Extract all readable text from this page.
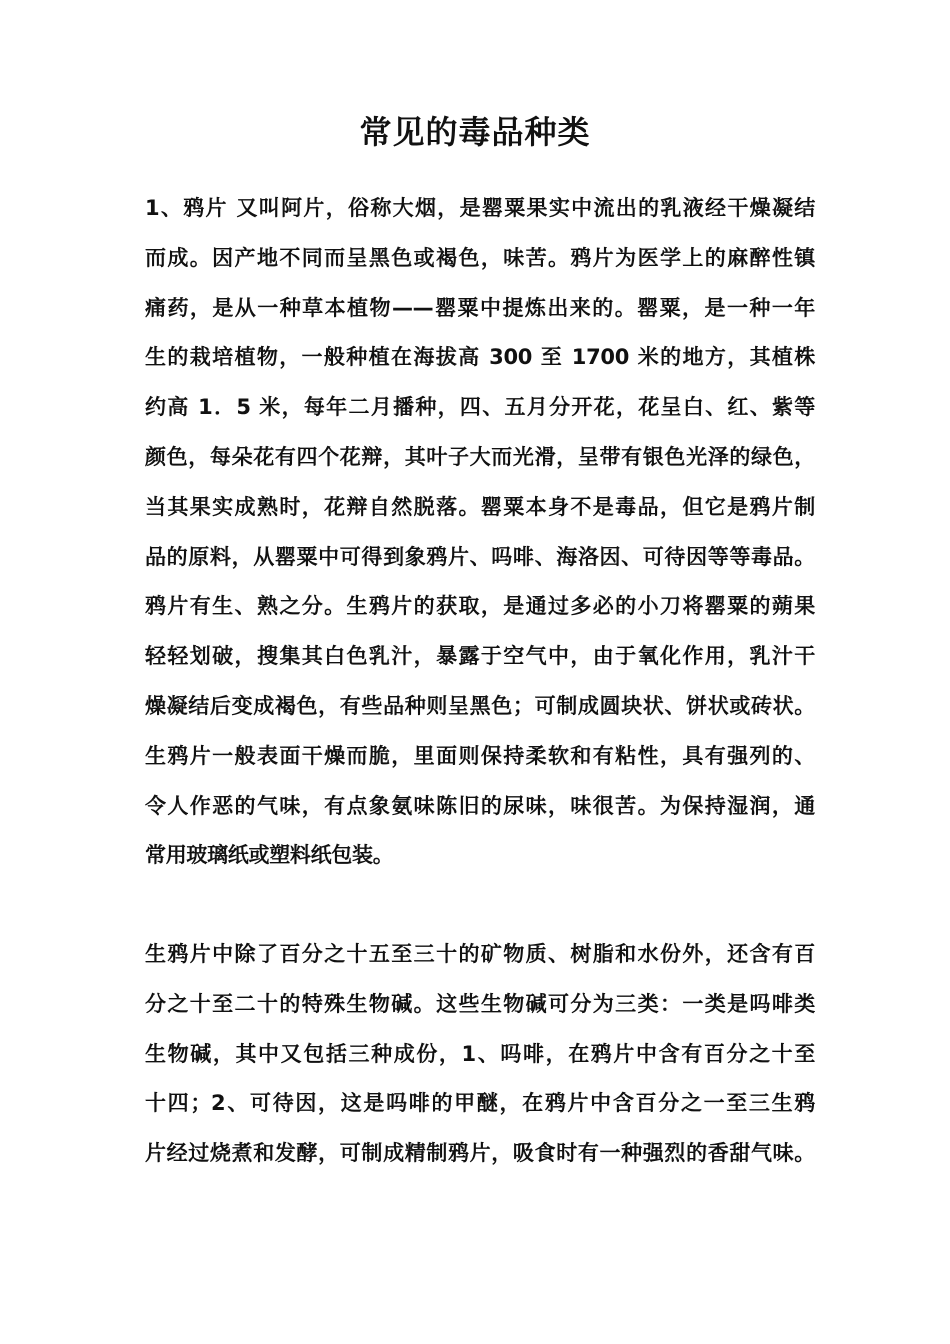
常见的毒品种类
1、鸦片 又叫阿片，俗称大烟，是罂粟果实中流出的乳液经干燥凝结
而成。因产地不同而呈黑色或褐色，味苦。鸦片为医学上的麻醉性镇
痛药，是从一种草本植物——罂粟中提炼出来的。罂粟，是一种一年
生的栽培植物，一般种植在海拔高 300 至 1700 米的地方，其植株
约高 1．5 米，每年二月播种，四、五月分开花，花呈白、红、紫等
颜色，每朵花有四个花辩，其叶子大而光滑，呈带有银色光泽的绿色，
当其果实成熟时，花辩自然脱落。罂粟本身不是毒品，但它是鸦片制
品的原料，从罂粟中可得到象鸦片、吗啡、海洛因、可待因等等毒品。
鸦片有生、熟之分。生鸦片的获取，是通过多必的小刀将罂粟的蒴果
轻轻划破，搜集其白色乳汁，暴露于空气中，由于氧化作用，乳汁干
燥凝结后变成褐色，有些品种则呈黑色；可制成圆块状、饼状或砖状。
生鸦片一般表面干燥而脆，里面则保持柔软和有粘性，具有强列的、
令人作恶的气味，有点象氨味陈旧的尿味，味很苦。为保持湿润，通
常用玻璃纸或塑料纸包装。
生鸦片中除了百分之十五至三十的矿物质、树脂和水份外，还含有百
分之十至二十的特殊生物碱。这些生物碱可分为三类：一类是吗啡类
生物碱，其中又包括三种成份，1、吗啡，在鸦片中含有百分之十至
十四；2、可待因，这是吗啡的甲醚，在鸦片中含百分之一至三生鸦
片经过烧煮和发酵，可制成精制鸦片，吸食时有一种强烈的香甜气味。
